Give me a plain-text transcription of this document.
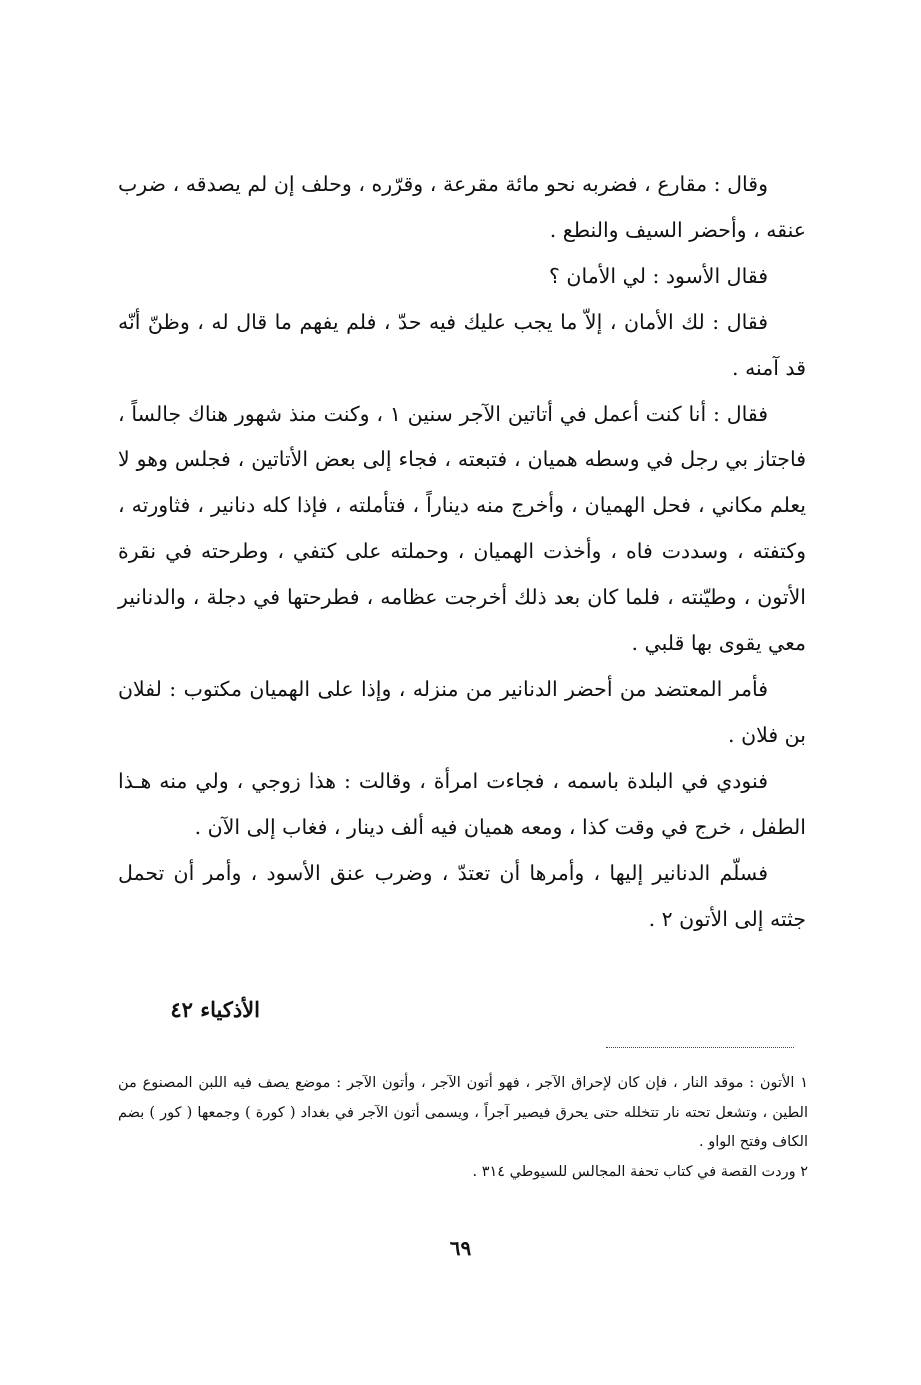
وقال : مقارع ، فضربه نحو مائة مقرعة ، وقرّره ، وحلف إن لم يصدقه ، ضرب عنقه ، وأحضر السيف والنطع .

فقال الأسود : لي الأمان ؟

فقال : لك الأمان ، إلاّ ما يجب عليك فيه حدّ ، فلم يفهم ما قال له ، وظنّ أنّه قد آمنه .

فقال : أنا كنت أعمل في أتاتين الآجر سنين ١ ، وكنت منذ شهور هناك جالساً ، فاجتاز بي رجل في وسطه هميان ، فتبعته ، فجاء إلى بعض الأتاتين ، فجلس وهو لا يعلم مكاني ، فحل الهميان ، وأخرج منه ديناراً ، فتأملته ، فإذا كله دنانير ، فثاورته ، وكتفته ، وسددت فاه ، وأخذت الهميان ، وحملته على كتفي ، وطرحته في نقرة الأتون ، وطيّنته ، فلما كان بعد ذلك أخرجت عظامه ، فطرحتها في دجلة ، والدنانير معي يقوى بها قلبي .

فأمر المعتضد من أحضر الدنانير من منزله ، وإذا على الهميان مكتوب : لفلان بن فلان .

فنودي في البلدة باسمه ، فجاءت امرأة ، وقالت : هذا زوجي ، ولي منه هـذا الطفل ، خرج في وقت كذا ، ومعه هميان فيه ألف دينار ، فغاب إلى الآن .

فسلّم الدنانير إليها ، وأمرها أن تعتدّ ، وضرب عنق الأسود ، وأمر أن تحمل جثته إلى الأتون ٢ .

الأذكياء ٤٢

١ الأتون : موقد النار ، فإن كان لإحراق الآجر ، فهو أتون الآجر ، وأتون الآجر : موضع يصف فيه اللبن المصنوع من الطين ، وتشعل تحته نار تتخلله حتى يحرق فيصير آجراً ، ويسمى أتون الآجر في بغداد ( كورة ) وجمعها ( كور ) بضم الكاف وفتح الواو .

٢ وردت القصة في كتاب تحفة المجالس للسيوطي ٣١٤ .

٦٩
